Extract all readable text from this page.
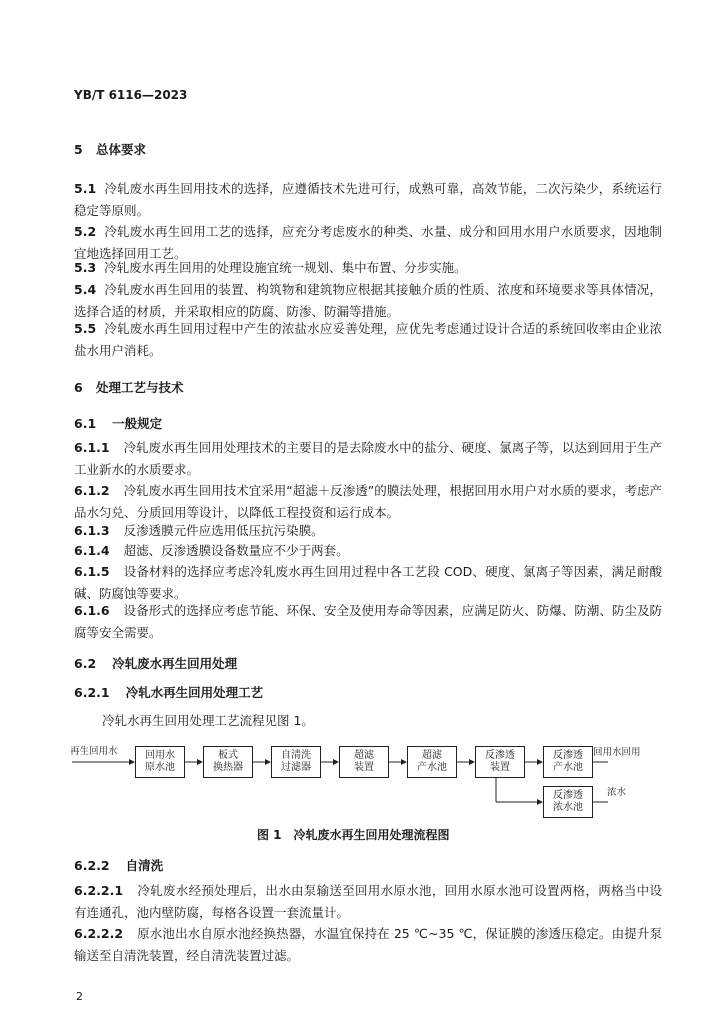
YB/T 6116—2023
5 总体要求
5.1 冷轧废水再生回用技术的选择，应遵循技术先进可行，成熟可靠，高效节能，二次污染少，系统运行稳定等原则。
5.2 冷轧废水再生回用工艺的选择，应充分考虑废水的种类、水量、成分和回用水用户水质要求，因地制宜地选择回用工艺。
5.3 冷轧废水再生回用的处理设施宜统一规划、集中布置、分步实施。
5.4 冷轧废水再生回用的装置、构筑物和建筑物应根据其接触介质的性质、浓度和环境要求等具体情况，选择合适的材质，并采取相应的防腐、防渗、防漏等措施。
5.5 冷轧废水再生回用过程中产生的浓盐水应妥善处理，应优先考虑通过设计合适的系统回收率由企业浓盐水用户消耗。
6 处理工艺与技术
6.1 一般规定
6.1.1 冷轧废水再生回用处理技术的主要目的是去除废水中的盐分、硬度、氯离子等，以达到回用于生产工业新水的水质要求。
6.1.2 冷轧废水再生回用技术宜采用“超滤＋反渗透”的膜法处理，根据回用水用户对水质的要求，考虑产品水匀兑、分质回用等设计，以降低工程投资和运行成本。
6.1.3 反渗透膜元件应选用低压抗污染膜。
6.1.4 超滤、反渗透膜设备数量应不少于两套。
6.1.5 设备材料的选择应考虑冷轧废水再生回用过程中各工艺段 COD、硬度、氯离子等因素，满足耐酸碱、防腐蚀等要求。
6.1.6 设备形式的选择应考虑节能、环保、安全及使用寿命等因素，应满足防火、防爆、防潮、防尘及防腐等安全需要。
6.2 冷轧废水再生回用处理
6.2.1 冷轧水再生回用处理工艺
冷轧水再生回用处理工艺流程见图 1。
再生回用水	回用水
原水池
板式
换热器
自清洗
过滤器
超滤
装置
超滤
产水池
反渗透
装置
反渗透
产水池
反渗透
浓水池
回用水回用
浓水
图 1　冷轧废水再生回用处理流程图
6.2.2 自清洗
6.2.2.1 冷轧废水经预处理后，出水由泵输送至回用水原水池，回用水原水池可设置两格，两格当中设有连通孔，池内壁防腐，每格各设置一套流量计。
6.2.2.2 原水池出水自原水池经换热器，水温宜保持在 25 ℃~35 ℃，保证膜的渗透压稳定。由提升泵输送至自清洗装置，经自清洗装置过滤。
2
